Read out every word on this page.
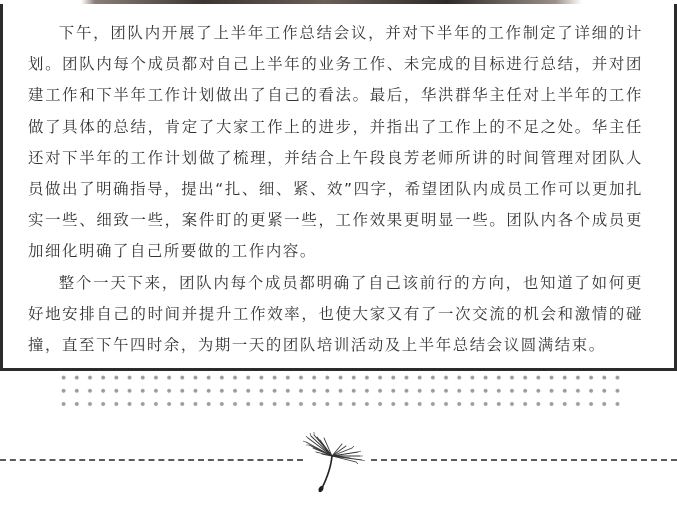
下午，团队内开展了上半年工作总结会议，并对下半年的工作制定了详细的计划。团队内每个成员都对自己上半年的业务工作、未完成的目标进行总结，并对团建工作和下半年工作计划做出了自己的看法。最后，华洪群华主任对上半年的工作做了具体的总结，肯定了大家工作上的进步，并指出了工作上的不足之处。华主任还对下半年的工作计划做了梳理，并结合上午段良芳老师所讲的时间管理对团队人员做出了明确指导，提出“扎、细、紧、效”四字，希望团队内成员工作可以更加扎实一些、细致一些，案件盯的更紧一些，工作效果更明显一些。团队内各个成员更加细化明确了自己所要做的工作内容。

整个一天下来，团队内每个成员都明确了自己该前行的方向，也知道了如何更好地安排自己的时间并提升工作效率，也使大家又有了一次交流的机会和激情的碰撞，直至下午四时余，为期一天的团队培训活动及上半年总结会议圆满结束。
